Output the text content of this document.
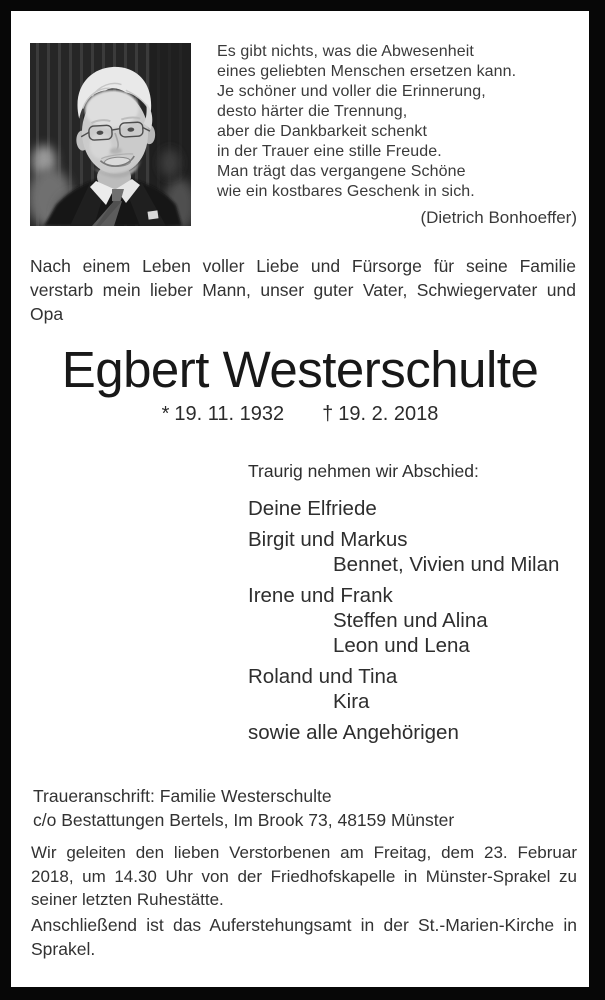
Es gibt nichts, was die Abwesenheit
eines geliebten Menschen ersetzen kann.
Je schöner und voller die Erinnerung,
desto härter die Trennung,
aber die Dankbarkeit schenkt
in der Trauer eine stille Freude.
Man trägt das vergangene Schöne
wie ein kostbares Geschenk in sich.
(Dietrich Bonhoeffer)

Nach einem Leben voller Liebe und Fürsorge für seine Familie verstarb mein lieber Mann, unser guter Vater, Schwiegervater und Opa

Egbert Westerschulte
* 19. 11. 1932 † 19. 2. 2018
Traurig nehmen wir Abschied:
Deine Elfriede
Birgit und Markus
Bennet, Vivien und Milan
Irene und Frank
Steffen und Alina
Leon und Lena
Roland und Tina
Kira
sowie alle Angehörigen
Traueranschrift: Familie Westerschulte
c/o Bestattungen Bertels, Im Brook 73, 48159 Münster

Wir geleiten den lieben Verstorbenen am Freitag, dem 23. Februar 2018, um 14.30 Uhr von der Friedhofskapelle in Münster-Sprakel zu seiner letzten Ruhestätte.

Anschließend ist das Auferstehungsamt in der St.-Marien-Kirche in Sprakel.
